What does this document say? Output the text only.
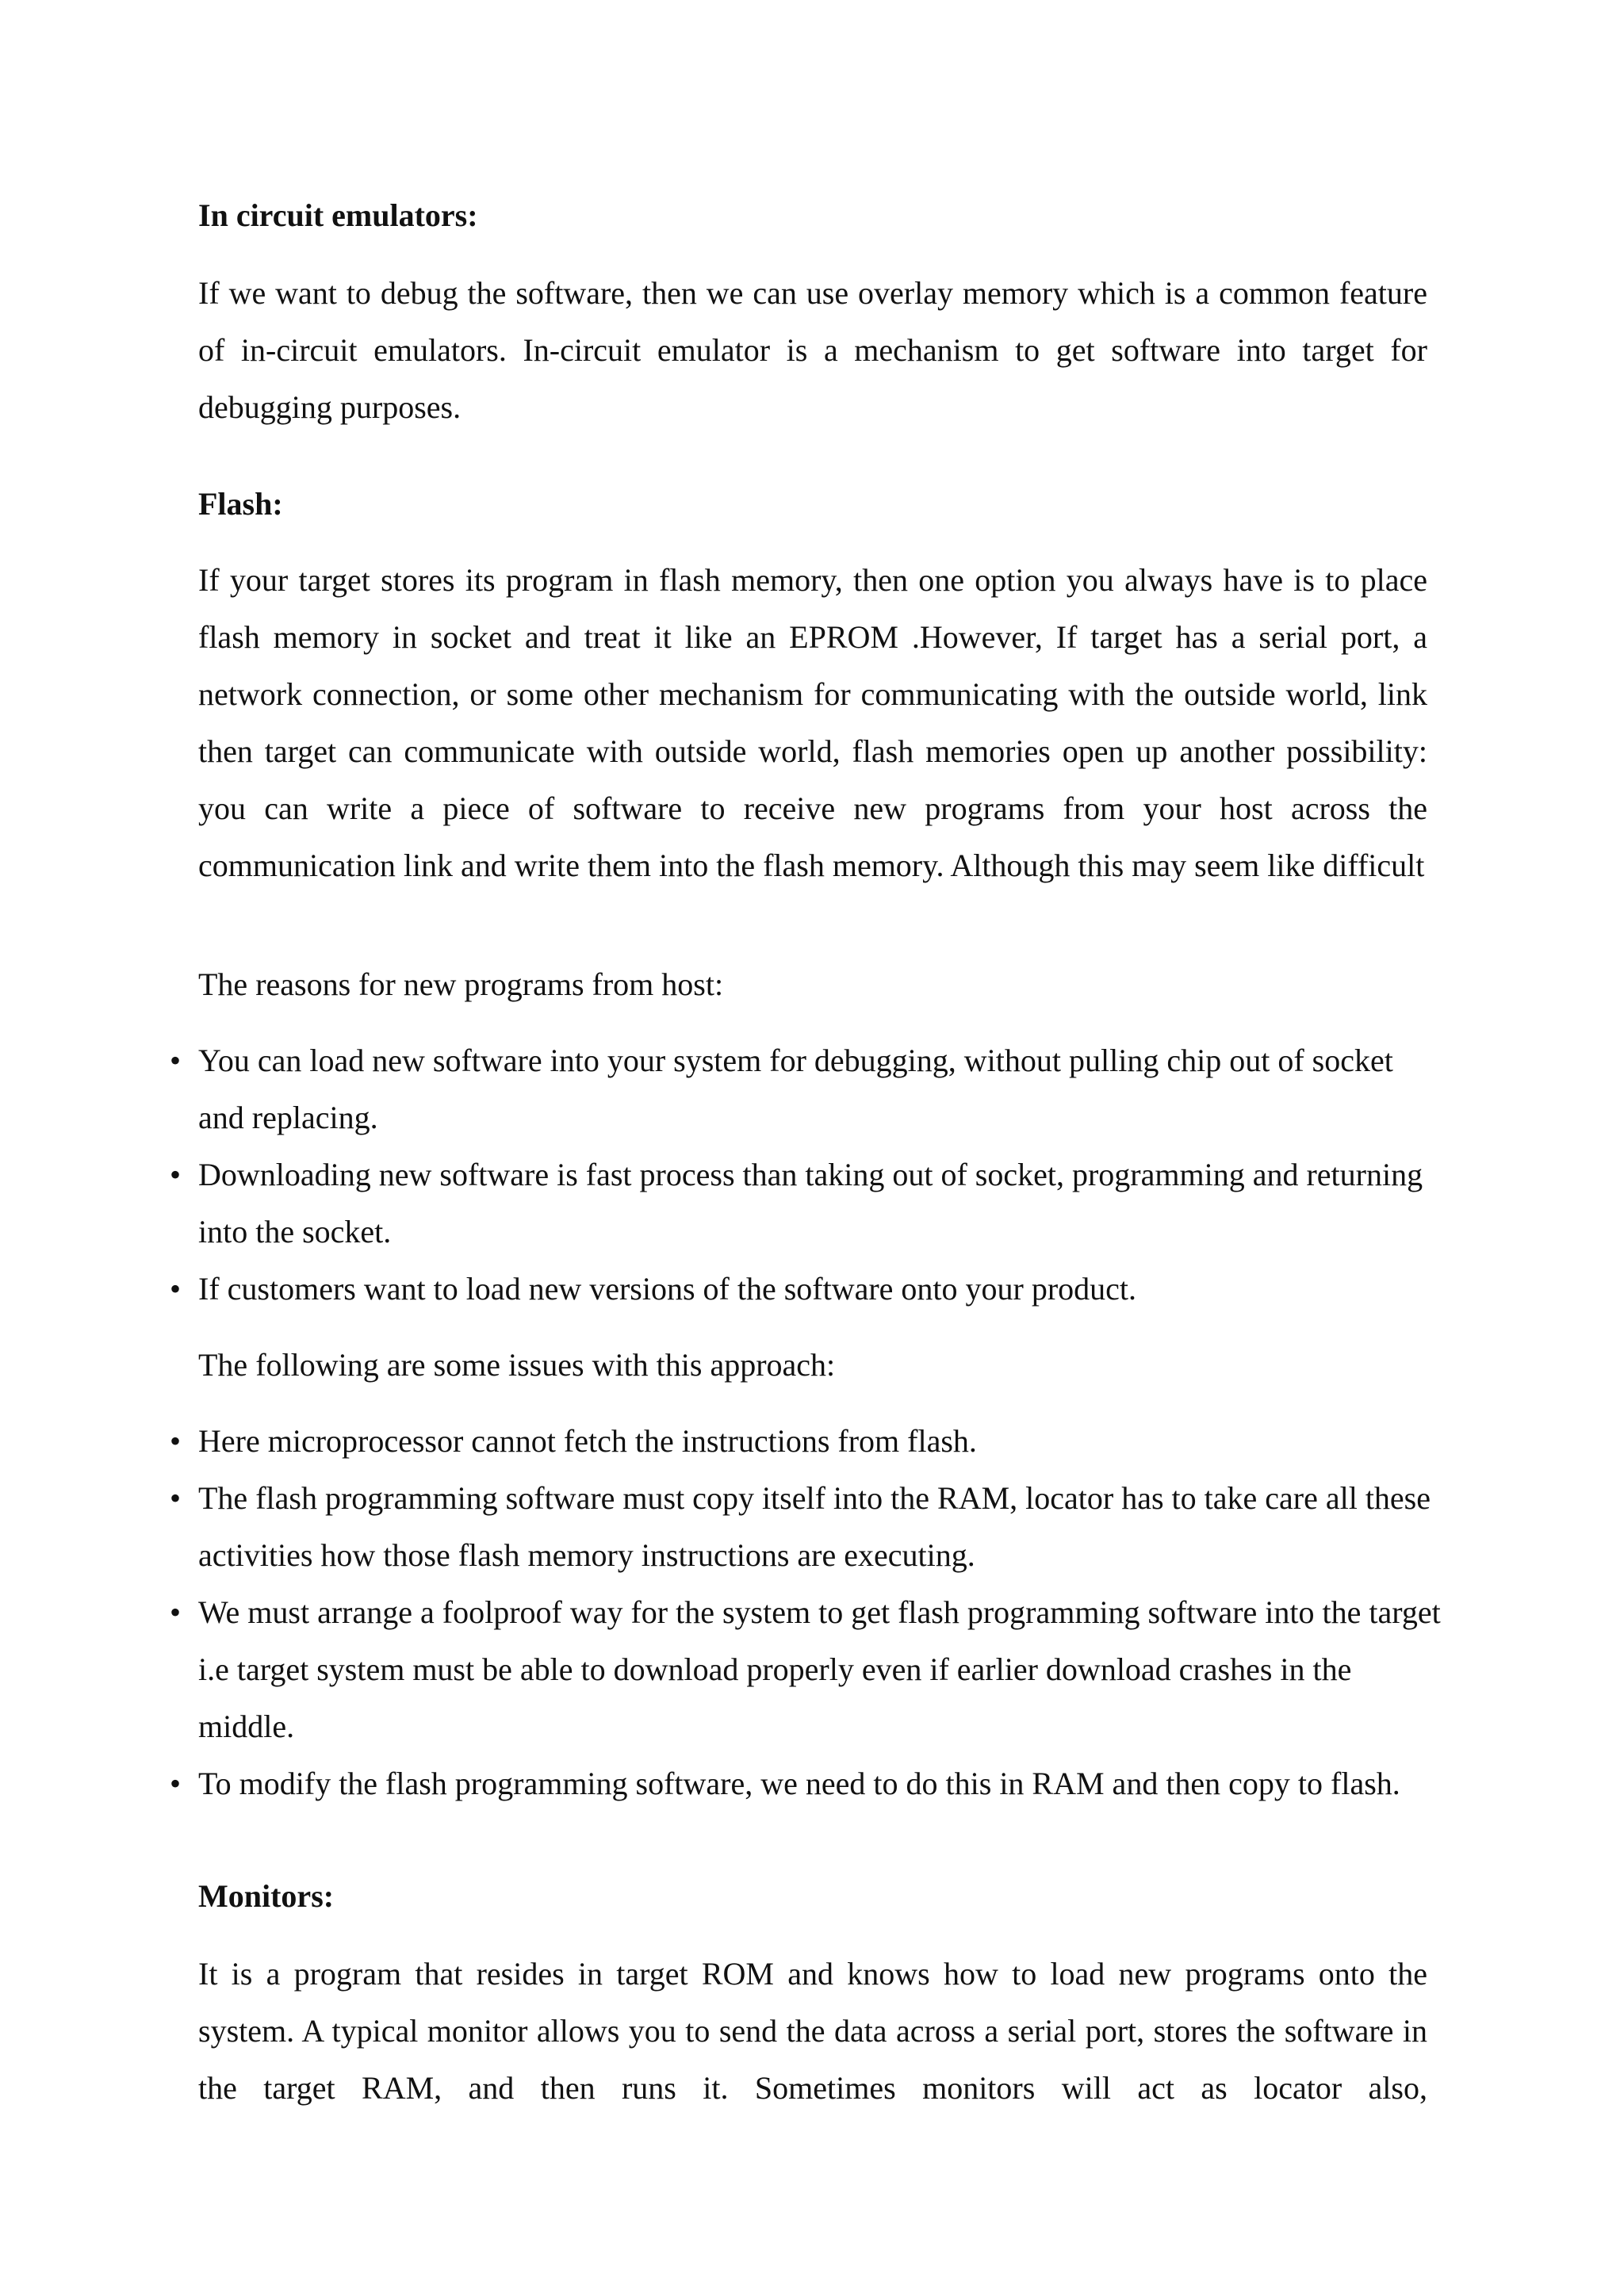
In circuit emulators:

If we want to debug the software, then we can use overlay memory which is a common feature of in-circuit emulators. In-circuit emulator is a mechanism to get software into target for debugging purposes.

Flash:

If your target stores its program in flash memory, then one option you always have is to place flash memory in socket and treat it like an EPROM .However, If target has a serial port, a network connection, or some other mechanism for communicating with the outside world, link then target can communicate with outside world, flash memories open up another possibility: you can write a piece of software to receive new programs from your host across the communication link and write them into the flash memory. Although this may seem like difficult

The reasons for new programs from host:

• You can load new software into your system for debugging, without pulling chip out of socket and replacing.
• Downloading new software is fast process than taking out of socket, programming and returning into the socket.
• If customers want to load new versions of the software onto your product.

The following are some issues with this approach:

• Here microprocessor cannot fetch the instructions from flash.
• The flash programming software must copy itself into the RAM, locator has to take care all these activities how those flash memory instructions are executing.
• We must arrange a foolproof way for the system to get flash programming software into the target i.e target system must be able to download properly even if earlier download crashes in the middle.
• To modify the flash programming software, we need to do this in RAM and then copy to flash.
Monitors:

It is a program that resides in target ROM and knows how to load new programs onto the system. A typical monitor allows you to send the data across a serial port, stores the software in the target RAM, and then runs it. Sometimes monitors will act as locator also,
